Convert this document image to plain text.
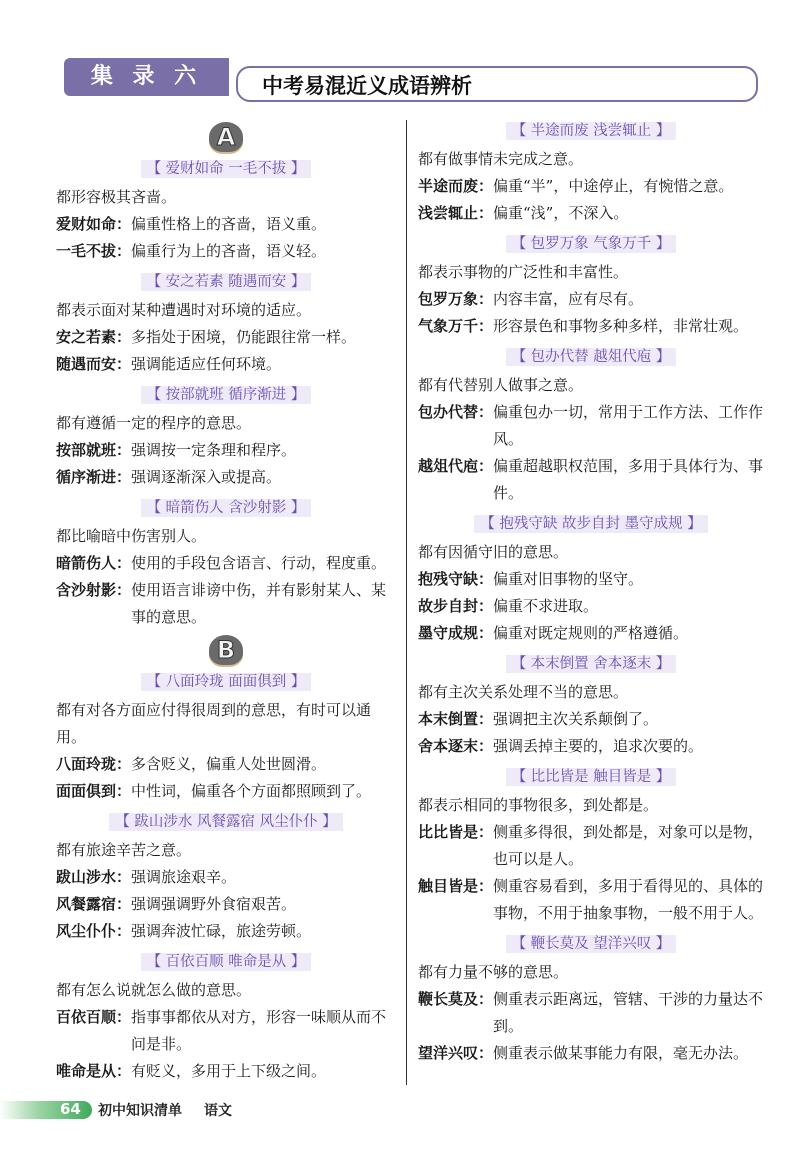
集 录 六	中考易混近义成语辨析
A
【 爱财如命 一毛不拔 】
都形容极其吝啬。
爱财如命： 偏重性格上的吝啬，语义重。
一毛不拔： 偏重行为上的吝啬，语义轻。
【 安之若素 随遇而安 】
都表示面对某种遭遇时对环境的适应。
安之若素： 多指处于困境，仍能跟往常一样。
随遇而安： 强调能适应任何环境。
【 按部就班 循序渐进 】
都有遵循一定的程序的意思。
按部就班： 强调按一定条理和程序。
循序渐进： 强调逐渐深入或提高。
【 暗箭伤人 含沙射影 】
都比喻暗中伤害别人。
暗箭伤人： 使用的手段包含语言、行动，程度重。
含沙射影： 使用语言诽谤中伤，并有影射某人、某事的意思。
B
【 八面玲珑 面面俱到 】
都有对各方面应付得很周到的意思，有时可以通用。
八面玲珑： 多含贬义，偏重人处世圆滑。
面面俱到： 中性词，偏重各个方面都照顾到了。
【 跋山涉水 风餐露宿 风尘仆仆 】
都有旅途辛苦之意。
跋山涉水： 强调旅途艰辛。
风餐露宿： 强调强调野外食宿艰苦。
风尘仆仆： 强调奔波忙碌，旅途劳顿。
【 百依百顺 唯命是从 】
都有怎么说就怎么做的意思。
百依百顺： 指事事都依从对方，形容一味顺从而不问是非。
唯命是从： 有贬义，多用于上下级之间。
【 半途而废 浅尝辄止 】
都有做事情未完成之意。
半途而废： 偏重“半”，中途停止，有惋惜之意。
浅尝辄止： 偏重“浅”，不深入。
【 包罗万象 气象万千 】
都表示事物的广泛性和丰富性。
包罗万象： 内容丰富，应有尽有。
气象万千： 形容景色和事物多种多样，非常壮观。
【 包办代替 越俎代庖 】
都有代替别人做事之意。
包办代替： 偏重包办一切，常用于工作方法、工作作风。
越俎代庖： 偏重超越职权范围，多用于具体行为、事件。
【 抱残守缺 故步自封 墨守成规 】
都有因循守旧的意思。
抱残守缺： 偏重对旧事物的坚守。
故步自封： 偏重不求进取。
墨守成规： 偏重对既定规则的严格遵循。
【 本末倒置 舍本逐末 】
都有主次关系处理不当的意思。
本末倒置： 强调把主次关系颠倒了。
舍本逐末： 强调丢掉主要的，追求次要的。
【 比比皆是 触目皆是 】
都表示相同的事物很多，到处都是。
比比皆是： 侧重多得很，到处都是，对象可以是物，也可以是人。
触目皆是： 侧重容易看到，多用于看得见的、具体的事物，不用于抽象事物，一般不用于人。
【 鞭长莫及 望洋兴叹 】
都有力量不够的意思。
鞭长莫及： 侧重表示距离远，管辖、干涉的力量达不到。
望洋兴叹： 侧重表示做某事能力有限，毫无办法。
64 初中知识清单 语文
